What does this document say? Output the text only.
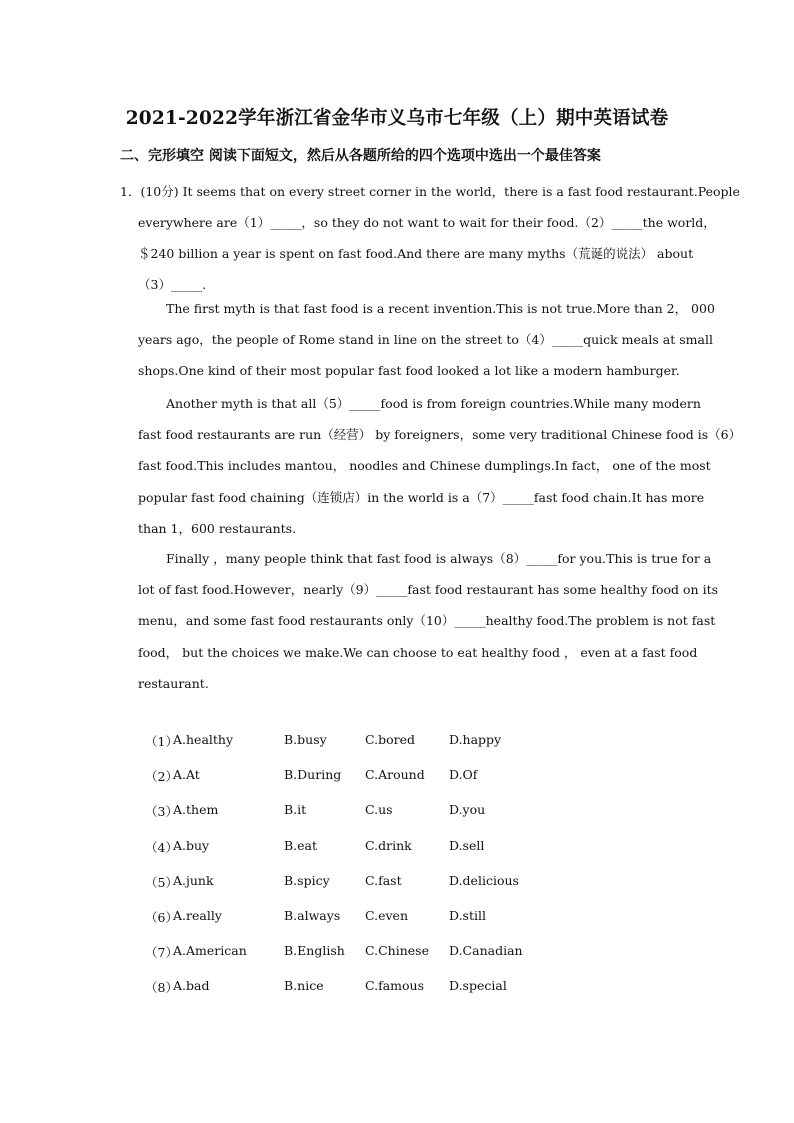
2021-2022学年浙江省金华市义乌市七年级（上）期中英语试卷
二、完形填空 阅读下面短文，然后从各题所给的四个选项中选出一个最佳答案
1．(10分) It seems that on every street corner in the world，there is a fast food restaurant.People
everywhere are（1）_____，so they do not want to wait for their food.（2）_____the world，
＄240 billion a year is spent on fast food.And there are many myths（荒诞的说法） about
（3）_____.
The first myth is that fast food is a recent invention.This is not true.More than 2， 000
years ago，the people of Rome stand in line on the street to（4）_____quick meals at small
shops.One kind of their most popular fast food looked a lot like a modern hamburger.
Another myth is that all（5）_____food is from foreign countries.While many modern
fast food restaurants are run（经营） by foreigners，some very traditional Chinese food is（6）
fast food.This includes mantou， noodles and Chinese dumplings.In fact， one of the most
popular fast food chaining（连锁店）in the world is a（7）_____fast food chain.It has more
than 1，600 restaurants.
Finally ，many people think that fast food is always（8）_____for you.This is true for a
lot of fast food.However，nearly（9）_____fast food restaurant has some healthy food on its
menu，and some fast food restaurants only（10）_____healthy food.The problem is not fast
food， but the choices we make.We can choose to eat healthy food ， even at a fast food
restaurant.
（1）
A.healthy	B.busy	C.bored	D.happy
（2）
A.At	B.During C.Around D.Of
（3）
A.them	B.it	C.us	D.you
（4）
A.buy	B.eat	C.drink	D.sell
（5）
A.junk	B.spicy	C.fast	D.delicious
（6）
A.really	B.always C.even	D.still
（7）
A.American	B.English C.Chinese D.Canadian
（8）
A.bad	B.nice	C.famous D.special
